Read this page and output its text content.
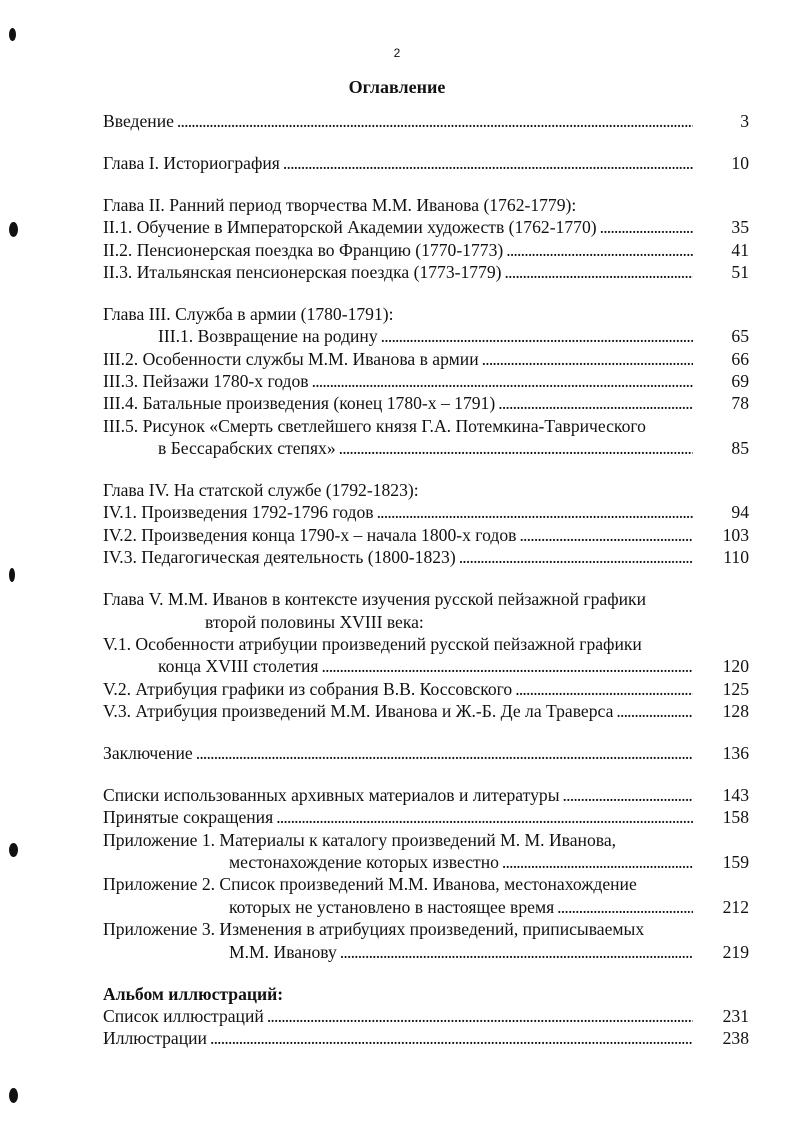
2
Оглавление
Введение . . .	3
Глава I. Историография . . .	10
Глава II. Ранний период творчества М.М. Иванова (1762-1779):
II.1. Обучение в Императорской Академии художеств (1762-1770) . . .	35
II.2. Пенсионерская поездка во Францию (1770-1773) . . .	41
II.3. Итальянская пенсионерская поездка (1773-1779) . . .	51
Глава III. Служба в армии (1780-1791):
III.1. Возвращение на родину . . .	65
III.2. Особенности службы М.М. Иванова в армии . . .	66
III.3. Пейзажи 1780-х годов . . .	69
III.4. Батальные произведения (конец 1780-х – 1791) . . .	78
III.5. Рисунок «Смерть светлейшего князя Г.А. Потемкина-Таврического
в Бессарабских степях» . . .	85
Глава IV. На статской службе (1792-1823):
IV.1. Произведения 1792-1796 годов . . .	94
IV.2. Произведения конца 1790-х – начала 1800-х годов . . .	103
IV.3. Педагогическая деятельность (1800-1823) . . .	110
Глава V. М.М. Иванов в контексте изучения русской пейзажной графики
второй половины XVIII века:
V.1. Особенности атрибуции произведений русской пейзажной графики
конца XVIII столетия . . .	120
V.2. Атрибуция графики из собрания В.В. Коссовского . . .	125
V.3. Атрибуция произведений М.М. Иванова и Ж.-Б. Де ла Траверса . . .	128
Заключение . . .	136
Списки использованных архивных материалов и литературы . . .	143
Принятые сокращения . . .	158
Приложение 1. Материалы к каталогу произведений М. М. Иванова,
местонахождение которых известно . . .	159
Приложение 2. Список произведений М.М. Иванова, местонахождение
которых не установлено в настоящее время . . .	212
Приложение 3. Изменения в атрибуциях произведений, приписываемых
М.М. Иванову . . .	219
Альбом иллюстраций:
Список иллюстраций . . .	231
Иллюстрации . . .	238
